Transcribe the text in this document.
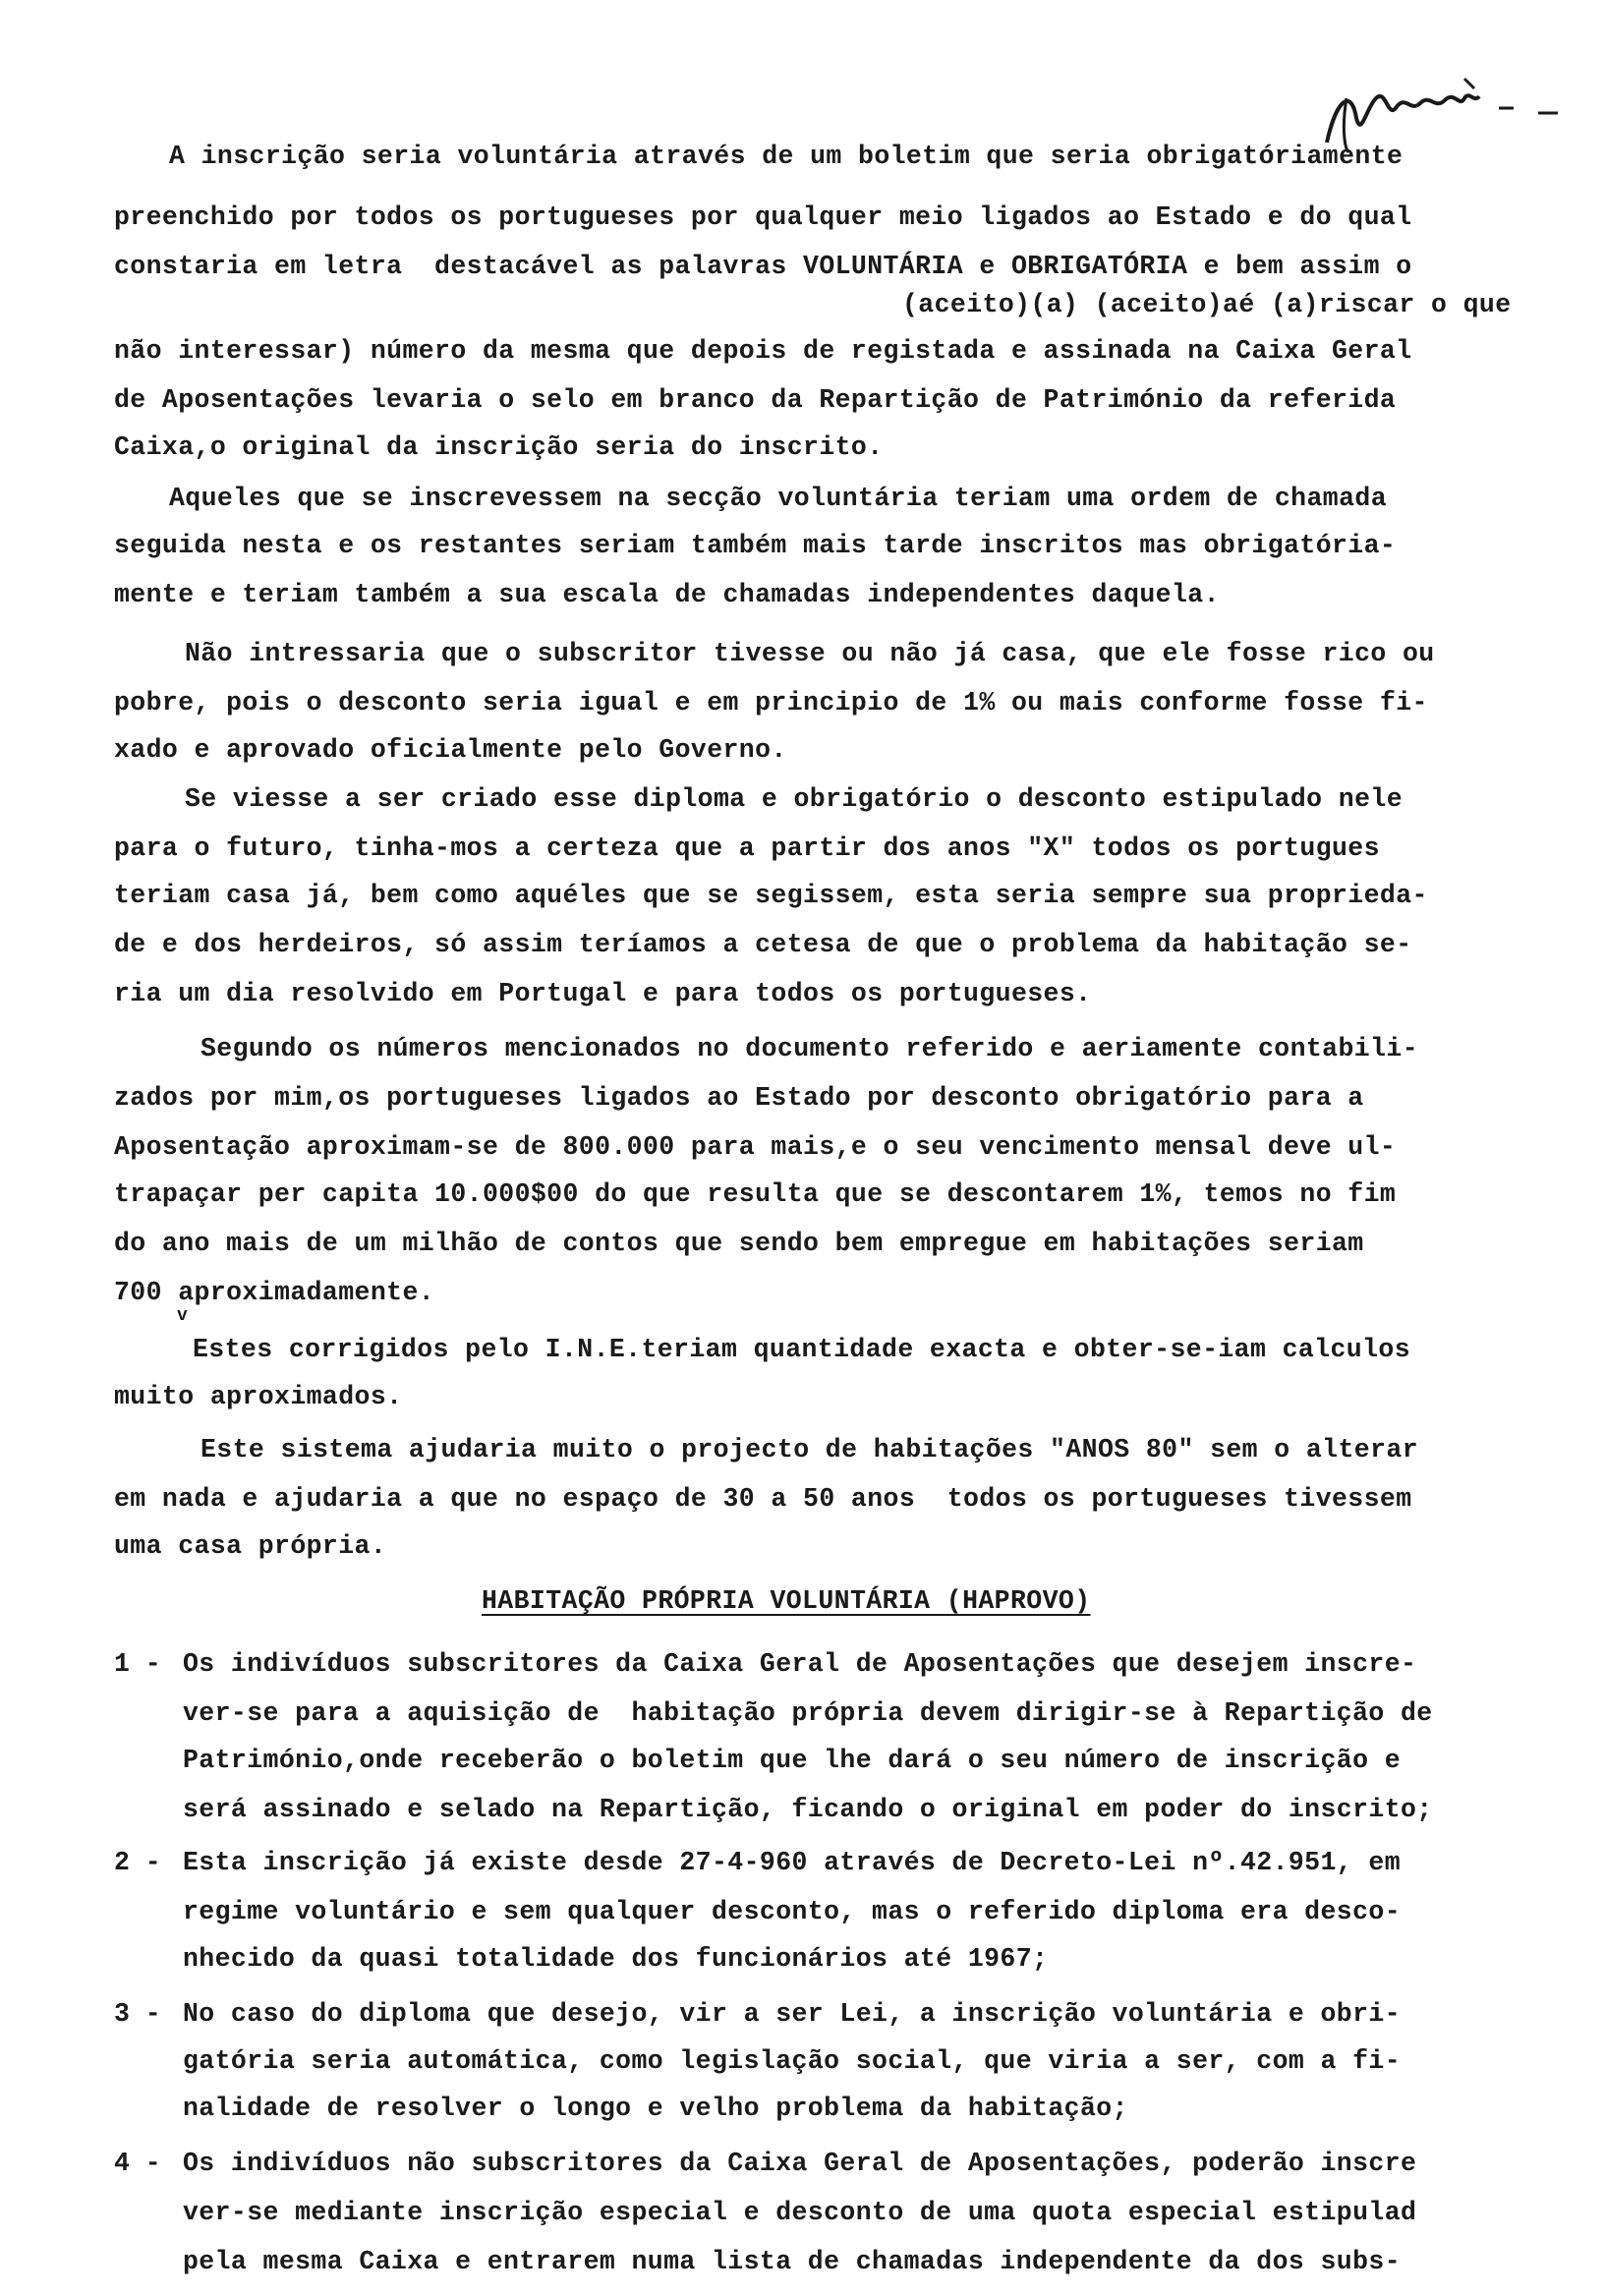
Embargo
A inscrição seria voluntária através de um boletim que seria obrigatóriamente
preenchido por todos os portugueses por qualquer meio ligados ao Estado e do qual
constaria em letra  destacável as palavras VOLUNTÁRIA e OBRIGATÓRIA e bem assim o
(aceito)(a) (aceito)aé (a)riscar o que
não interessar) número da mesma que depois de registada e assinada na Caixa Geral
de Aposentações levaria o selo em branco da Repartição de Património da referida
Caixa,o original da inscrição seria do inscrito.
Aqueles que se inscrevessem na secção voluntária teriam uma ordem de chamada
seguida nesta e os restantes seriam também mais tarde inscritos mas obrigatória-
mente e teriam também a sua escala de chamadas independentes daquela.
Não intressaria que o subscritor tivesse ou não já casa, que ele fosse rico ou
pobre, pois o desconto seria igual e em principio de 1% ou mais conforme fosse fi-
xado e aprovado oficialmente pelo Governo.
Se viesse a ser criado esse diploma e obrigatório o desconto estipulado nele
para o futuro, tinha-mos a certeza que a partir dos anos "X" todos os portugues
teriam casa já, bem como aquéles que se segissem, esta seria sempre sua proprieda-
de e dos herdeiros, só assim teríamos a cetesa de que o problema da habitação se-
ria um dia resolvido em Portugal e para todos os portugueses.
Segundo os números mencionados no documento referido e aeriamente contabili-
zados por mim,os portugueses ligados ao Estado por desconto obrigatório para a
Aposentação aproximam-se de 800.000 para mais,e o seu vencimento mensal deve ul-
trapaçar per capita 10.000$00 do que resulta que se descontarem 1%, temos no fim
do ano mais de um milhão de contos que sendo bem empregue em habitações seriam
700 aproximadamente.
v
Estes corrigidos pelo I.N.E.teriam quantidade exacta e obter-se-iam calculos
muito aproximados.
Este sistema ajudaria muito o projecto de habitações "ANOS 80" sem o alterar
em nada e ajudaria a que no espaço de 30 a 50 anos  todos os portugueses tivessem
uma casa própria.
HABITAÇÃO PRÓPRIA VOLUNTÁRIA (HAPROVO)
1 - Os indivíduos subscritores da Caixa Geral de Aposentações que desejem inscre-
ver-se para a aquisição de  habitação própria devem dirigir-se à Repartição de
Património,onde receberão o boletim que lhe dará o seu número de inscrição e
será assinado e selado na Repartição, ficando o original em poder do inscrito;
2 - Esta inscrição já existe desde 27-4-960 através de Decreto-Lei nº.42.951, em
regime voluntário e sem qualquer desconto, mas o referido diploma era desco-
nhecido da quasi totalidade dos funcionários até 1967;
3 - No caso do diploma que desejo, vir a ser Lei, a inscrição voluntária e obri-
gatória seria automática, como legislação social, que viria a ser, com a fi-
nalidade de resolver o longo e velho problema da habitação;
4 - Os indivíduos não subscritores da Caixa Geral de Aposentações, poderão inscre
ver-se mediante inscrição especial e desconto de uma quota especial estipulad
pela mesma Caixa e entrarem numa lista de chamadas independente da dos subs-
